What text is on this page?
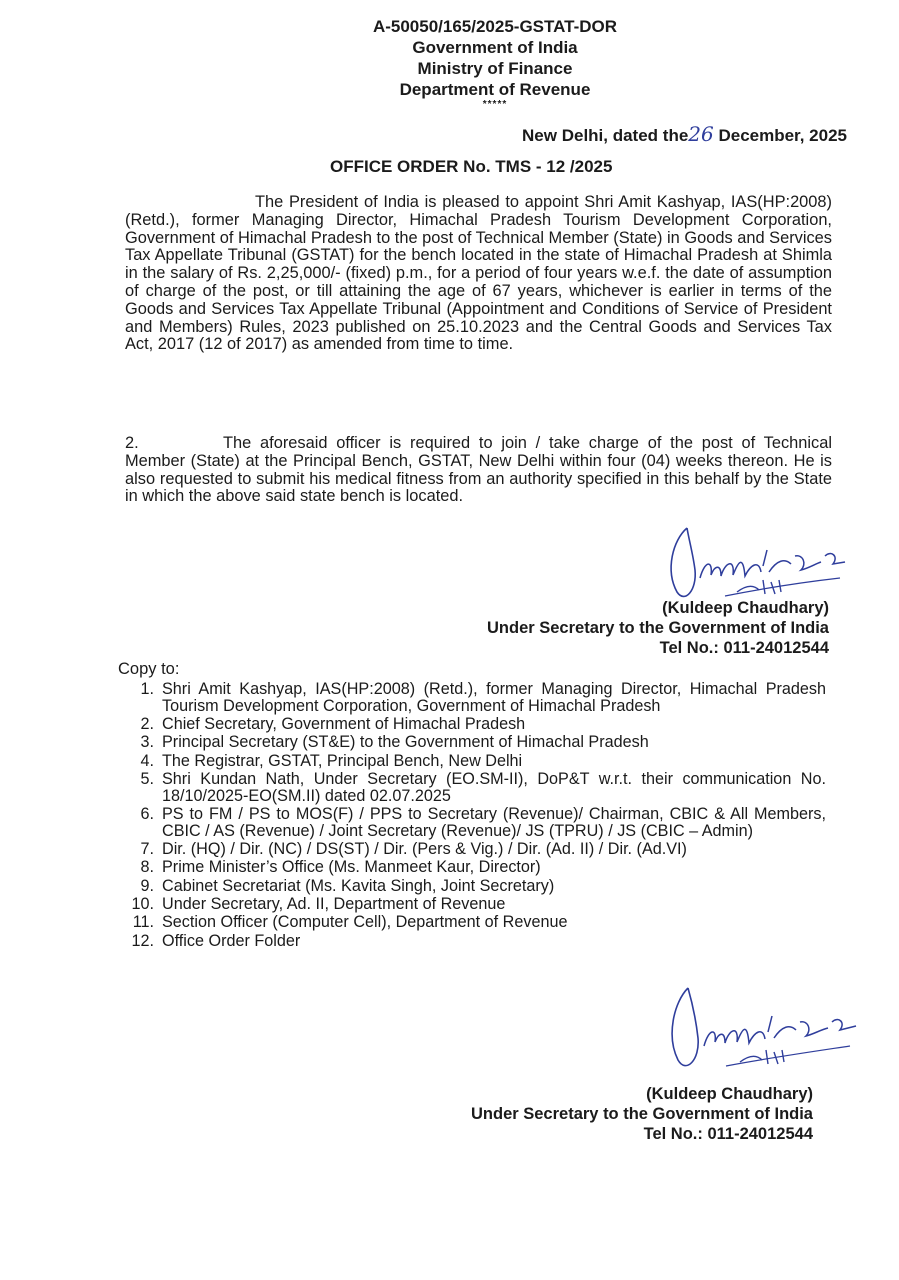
A-50050/165/2025-GSTAT-DOR
Government of India
Ministry of Finance
Department of Revenue
*****
New Delhi, dated the26 December, 2025
OFFICE ORDER No. TMS - 12 /2025

The President of India is pleased to appoint Shri Amit Kashyap, IAS(HP:2008) (Retd.), former Managing Director, Himachal Pradesh Tourism Development Corporation, Government of Himachal Pradesh to the post of Technical Member (State) in Goods and Services Tax Appellate Tribunal (GSTAT) for the bench located in the state of Himachal Pradesh at Shimla in the salary of Rs. 2,25,000/- (fixed) p.m., for a period of four years w.e.f. the date of assumption of charge of the post, or till attaining the age of 67 years, whichever is earlier in terms of the Goods and Services Tax Appellate Tribunal (Appointment and Conditions of Service of President and Members) Rules, 2023 published on 25.10.2023 and the Central Goods and Services Tax Act, 2017 (12 of 2017) as amended from time to time.

2.	The aforesaid officer is required to join / take charge of the post of Technical Member (State) at the Principal Bench, GSTAT, New Delhi within four (04) weeks thereon. He is also requested to submit his medical fitness from an authority specified in this behalf by the State in which the above said state bench is located.

(Kuldeep Chaudhary)
Under Secretary to the Government of India
Tel No.: 011-24012544
Copy to:
1. Shri Amit Kashyap, IAS(HP:2008) (Retd.), former Managing Director, Himachal Pradesh Tourism Development Corporation, Government of Himachal Pradesh
2. Chief Secretary, Government of Himachal Pradesh
3. Principal Secretary (ST&E) to the Government of Himachal Pradesh
4. The Registrar, GSTAT, Principal Bench, New Delhi
5. Shri Kundan Nath, Under Secretary (EO.SM-II), DoP&T w.r.t. their communication No. 18/10/2025-EO(SM.II) dated 02.07.2025
6. PS to FM / PS to MOS(F) / PPS to Secretary (Revenue)/ Chairman, CBIC & All Members, CBIC / AS (Revenue) / Joint Secretary (Revenue)/ JS (TPRU) / JS (CBIC – Admin)
7. Dir. (HQ) / Dir. (NC) / DS(ST) / Dir. (Pers & Vig.) / Dir. (Ad. II) / Dir. (Ad.VI)
8. Prime Minister’s Office (Ms. Manmeet Kaur, Director)
9. Cabinet Secretariat (Ms. Kavita Singh, Joint Secretary)
10. Under Secretary, Ad. II, Department of Revenue
11. Section Officer (Computer Cell), Department of Revenue
12. Office Order Folder
(Kuldeep Chaudhary)
Under Secretary to the Government of India
Tel No.: 011-24012544
